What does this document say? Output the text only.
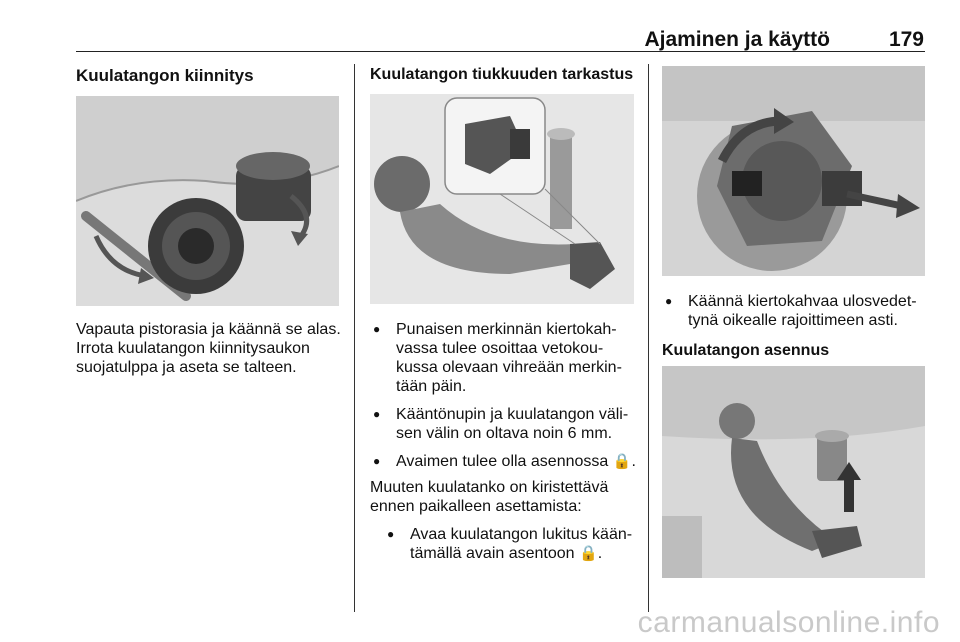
Ajaminen ja käyttö	179
Kuulatangon kiinnitys
Vapauta pistorasia ja käännä se alas.
Irrota kuulatangon kiinnitysaukon
suojatulppa ja aseta se talteen.
Kuulatangon tiukkuuden tarkastus
● Punaisen merkinnän kiertokah-
vassa tulee osoittaa vetokou-
kussa olevaan vihreään merkin-
tään päin.
● Kääntönupin ja kuulatangon väli-
sen välin on oltava noin 6 mm.
● Avaimen tulee olla asennossa 🔒.
Muuten kuulatanko on kiristettävä
ennen paikalleen asettamista:
● Avaa kuulatangon lukitus kään-
tämällä avain asentoon 🔒.
● Käännä kiertokahvaa ulosvedet-
tynä oikealle rajoittimeen asti.
Kuulatangon asennus
carmanualsonline.info
